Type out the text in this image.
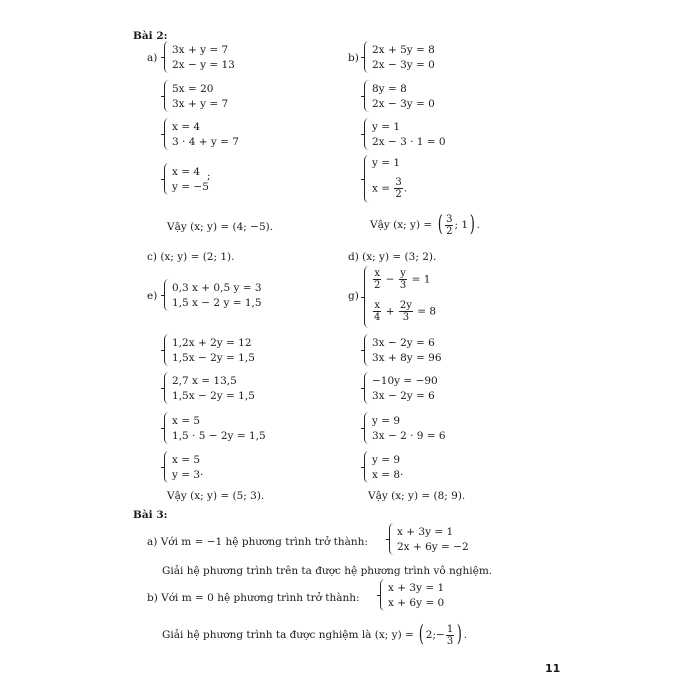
Bài 2:
a)
3x + y = 7
2x − y = 13
5x = 20
3x + y = 7
x = 4
3 · 4 + y = 7
x = 4
y = −5
;
Vậy (x; y) = (4; −5).
c) (x; y) = (2; 1).
e)
0,3 x + 0,5 y = 3
1,5 x − 2 y = 1,5
1,2x + 2y = 12
1,5x − 2y = 1,5
2,7 x = 13,5
1,5x − 2y = 1,5
x = 5
1,5 · 5 − 2y = 1,5
x = 5
y = 3 .
Vậy (x; y) = (5; 3).
b)
2x + 5y = 8
2x − 3y = 0
8y = 8
2x − 3y = 0
y = 1
2x − 3 · 1 = 0
y = 1
$x = \frac{3}{2}$ .
Vậy (x; y) = ( $\frac{3}{2}$ ; 1) .
d) (x; y) = (3; 2).
g)
$\frac{x}{2} - \frac{y}{3} = 1$
$\frac{x}{4} + \frac{2y}{3} = 8$
3x − 2y = 6
3x + 8y = 96
−10y = −90
3x − 2y = 6
y = 9
3x − 2 · 9 = 6
y = 9
x = 8 .
Vậy (x; y) = (8; 9).
Bài 3:
a) Với m = −1 hệ phương trình trở thành:
x + 3y = 1
2x + 6y = −2
Giải hệ phương trình trên ta được hệ phương trình vô nghiệm.
b) Với m = 0 hệ phương trình trở thành:
x + 3y = 1
x + 6y = 0
Giải hệ phương trình ta được nghiệm là (x; y) = ( 2;− $\frac{1}{3}$ ) .
11
